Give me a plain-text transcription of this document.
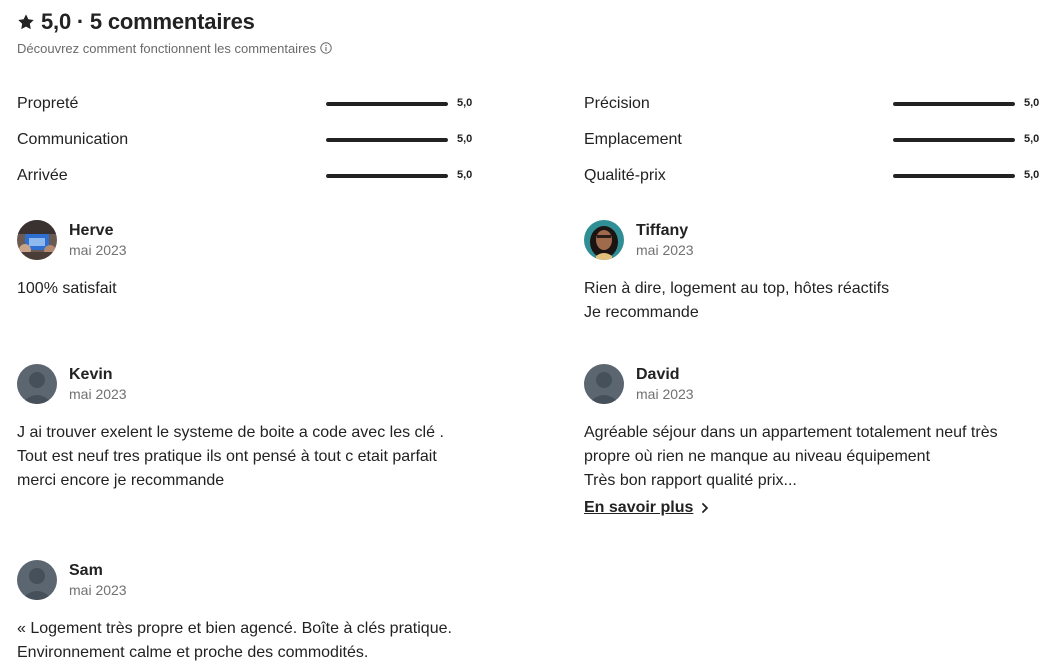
5,0 · 5 commentaires
Découvrez comment fonctionnent les commentaires
Propreté	5,0
Communication	5,0
Arrivée	5,0
Précision	5,0
Emplacement	5,0
Qualité-prix	5,0
Herve
mai 2023
100% satisfait
Tiffany
mai 2023
Rien à dire, logement au top, hôtes réactifs
Je recommande
Kevin
mai 2023
J ai trouver exelent le systeme de boite a code avec les clé .
Tout est neuf tres pratique ils ont pensé à tout c etait parfait
merci encore je recommande
David
mai 2023
Agréable séjour dans un appartement totalement neuf très
propre où rien ne manque au niveau équipement
Très bon rapport qualité prix...
En savoir plus
Sam
mai 2023
« Logement très propre et bien agencé. Boîte à clés pratique.
Environnement calme et proche des commodités.
